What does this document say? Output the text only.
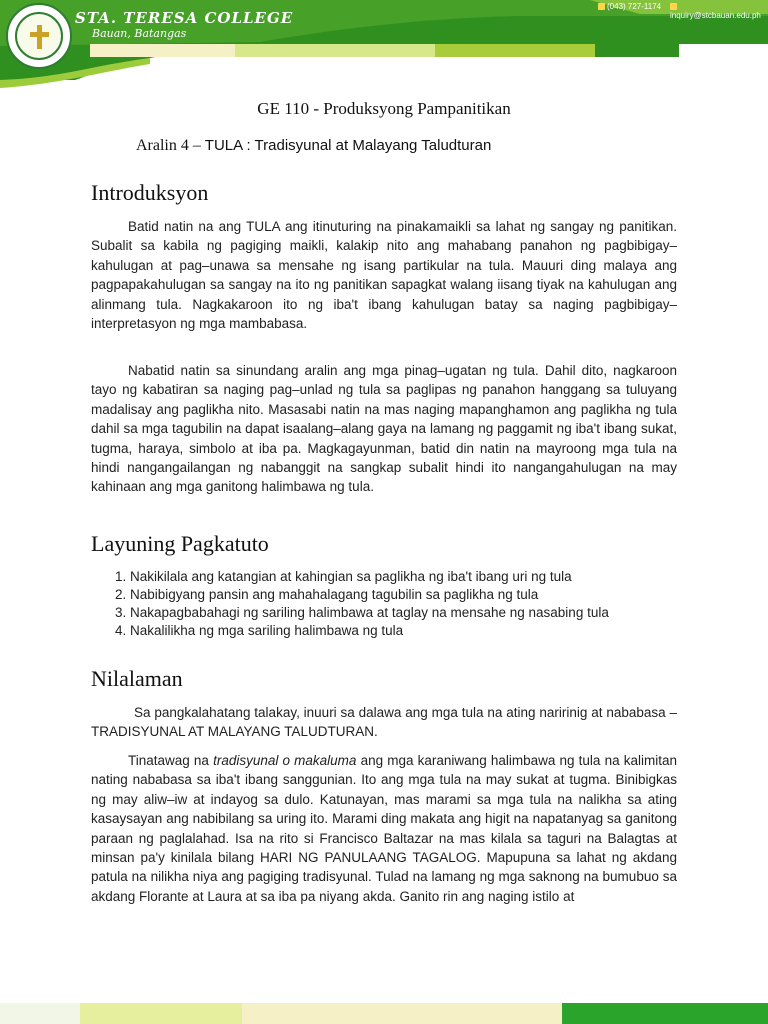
STA. TERESA COLLEGE
Bauan, Batangas
(043) 727-1174
inquiry@stcbauan.edu.ph
GE 110 - Produksyong Pampanitikan
Aralin 4 – TULA : Tradisyunal at Malayang Taludturan
Introduksyon

Batid natin na ang TULA ang itinuturing na pinakamaikli sa lahat ng sangay ng panitikan. Subalit sa kabila ng pagiging maikli, kalakip nito ang mahabang panahon ng pagbibigay–kahulugan at pag–unawa sa mensahe ng isang partikular na tula. Mauuri ding malaya ang pagpapakahulugan sa sangay na ito ng panitikan sapagkat walang iisang tiyak na kahulugan ang alinmang tula. Nagkakaroon ito ng iba't ibang kahulugan batay sa naging pagbibigay–interpretasyon ng mga mambabasa.

Nabatid natin sa sinundang aralin ang mga pinag–ugatan ng tula. Dahil dito, nagkaroon tayo ng kabatiran sa naging pag–unlad ng tula sa paglipas ng panahon hanggang sa tuluyang madalisay ang paglikha nito. Masasabi natin na mas naging mapanghamon ang paglikha ng tula dahil sa mga tagubilin na dapat isaalang–alang gaya na lamang ng paggamit ng iba't ibang sukat, tugma, haraya, simbolo at iba pa. Magkagayunman, batid din natin na mayroong mga tula na hindi nangangailangan ng nabanggit na sangkap subalit hindi ito nangangahulugan na may kahinaan ang mga ganitong halimbawa ng tula.

Layuning Pagkatuto
1. Nakikilala ang katangian at kahingian sa paglikha ng iba't ibang uri ng tula
2. Nabibigyang pansin ang mahahalagang tagubilin sa paglikha ng tula
3. Nakapagbabahagi ng sariling halimbawa at taglay na mensahe ng nasabing tula
4. Nakalilikha ng mga sariling halimbawa ng tula
Nilalaman

Sa pangkalahatang talakay, inuuri sa dalawa ang mga tula na ating naririnig at nababasa – TRADISYUNAL AT MALAYANG TALUDTURAN.

Tinatawag na tradisyunal o makaluma ang mga karaniwang halimbawa ng tula na kalimitan nating nababasa sa iba't ibang sanggunian. Ito ang mga tula na may sukat at tugma. Binibigkas ng may aliw–iw at indayog sa dulo. Katunayan, mas marami sa mga tula na nalikha sa ating kasaysayan ang nabibilang sa uring ito. Marami ding makata ang higit na napatanyag sa ganitong paraan ng paglalahad. Isa na rito si Francisco Baltazar na mas kilala sa taguri na Balagtas at minsan pa'y kinilala bilang HARI NG PANULAANG TAGALOG. Mapupuna sa lahat ng akdang patula na nilikha niya ang pagiging tradisyunal. Tulad na lamang ng mga saknong na bumubuo sa akdang Florante at Laura at sa iba pa niyang akda. Ganito rin ang naging istilo at
